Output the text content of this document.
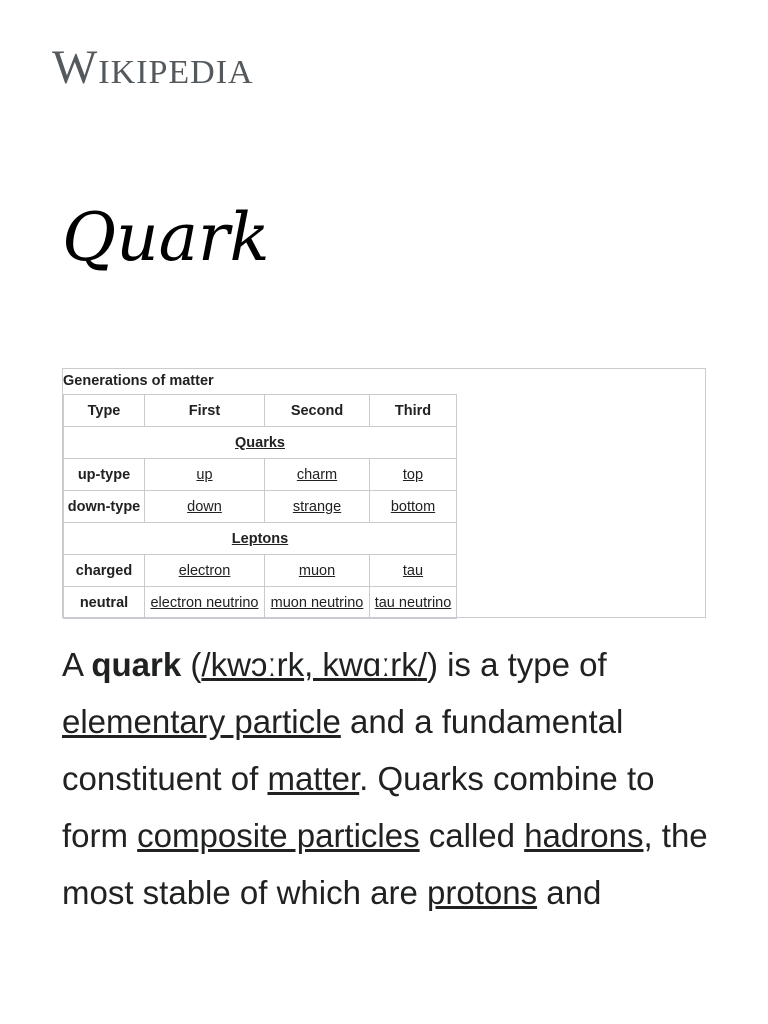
Wikipedia
Quark
Generations of matter
Type	First	Second	Third
Quarks			
up-type	up	charm	top
down-type	down	strange	bottom
Leptons			
charged	electron	muon	tau
neutral	electron neutrino	muon neutrino	tau neutrino

A quark (/kwɔːrk, kwɑːrk/) is a type of elementary particle and a fundamental constituent of matter. Quarks combine to form composite particles called hadrons, the most stable of which are protons and
